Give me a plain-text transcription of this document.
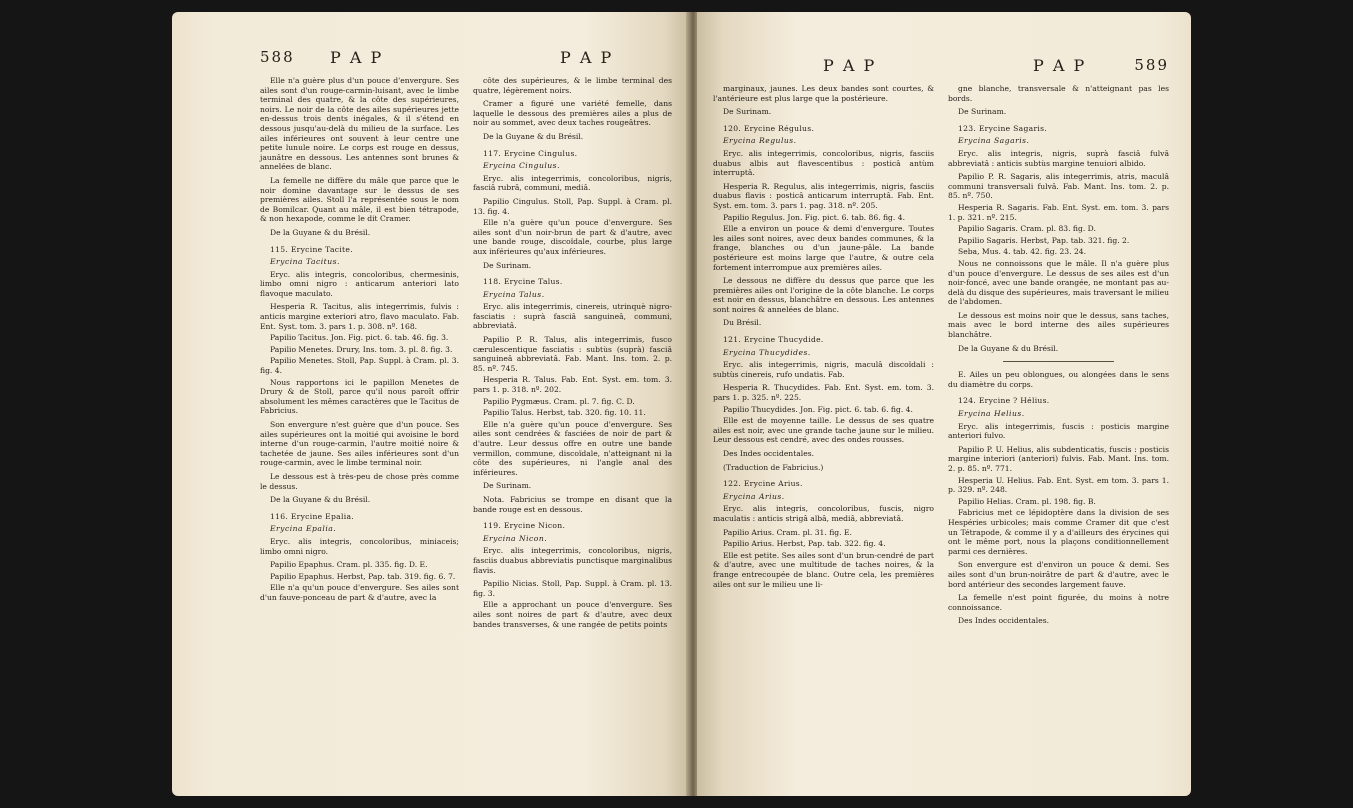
588 P A P	P A P

Elle n'a guère plus d'un pouce d'envergure. Ses ailes sont d'un rouge-carmin-luisant, avec le limbe terminal des quatre, & la côte des supérieures, noirs. Le noir de la côte des ailes supérieures jette en-dessus trois dents inégales, & il s'étend en dessous jusqu'au-delà du milieu de la surface. Les ailes inférieures ont souvent à leur centre une petite lunule noire. Le corps est rouge en dessus, jaunâtre en dessous. Les antennes sont brunes & annelées de blanc.

La femelle ne diffère du mâle que parce que le noir domine davantage sur le dessus de ses premières ailes. Stoll l'a représentée sous le nom de Bomilcar. Quant au mâle, il est bien tétrapode, & non hexapode, comme le dit Cramer.

De la Guyane & du Brésil.

115. Erycine Tacite.

Erycina Tacitus.

Eryc. alis integris, concoloribus, chermesinis, limbo omni nigro : anticarum anteriori lato flavoque maculato.

Hesperia R. Tacitus, alis integerrimis, fulvis : anticis margine exteriori atro, flavo maculato. Fab. Ent. Syst. tom. 3. pars 1. p. 308. nº. 168.

Papilio Tacitus. Jon. Fig. pict. 6. tab. 46. fig. 3.

Papilio Menetes. Drury, Ins. tom. 3. pl. 8. fig. 3.

Papilio Menetes. Stoll, Pap. Suppl. à Cram. pl. 3. fig. 4.

Nous rapportons ici le papillon Menetes de Drury & de Stoll, parce qu'il nous paroît offrir absolument les mêmes caractères que le Tacitus de Fabricius.

Son envergure n'est guère que d'un pouce. Ses ailes supérieures ont la moitié qui avoisine le bord interne d'un rouge-carmin, l'autre moitié noire & tachetée de jaune. Ses ailes inférieures sont d'un rouge-carmin, avec le limbe terminal noir.

Le dessous est à très-peu de chose près comme le dessus.

De la Guyane & du Brésil.

116. Erycine Epalia.

Erycina Epalia.

Eryc. alis integris, concoloribus, miniaceis; limbo omni nigro.

Papilio Epaphus. Cram. pl. 335. fig. D. E.

Papilio Epaphus. Herbst, Pap. tab. 319. fig. 6. 7.

Elle n'a qu'un pouce d'envergure. Ses ailes sont d'un fauve-ponceau de part & d'autre, avec la

côte des supérieures, & le limbe terminal des quatre, légèrement noirs.

Cramer a figuré une variété femelle, dans laquelle le dessous des premières ailes a plus de noir au sommet, avec deux taches rougeâtres.

De la Guyane & du Brésil.

117. Erycine Cingulus.

Erycina Cingulus.

Eryc. alis integerrimis, concoloribus, nigris, fasciâ rubrâ, communi, mediâ.

Papilio Cingulus. Stoll, Pap. Suppl. à Cram. pl. 13. fig. 4.

Elle n'a guère qu'un pouce d'envergure. Ses ailes sont d'un noir-brun de part & d'autre, avec une bande rouge, discoïdale, courbe, plus large aux inférieures qu'aux inférieures.

De Surinam.

118. Erycine Talus.

Erycina Talus.

Eryc. alis integerrimis, cinereis, utrinquè nigro-fasciatis : suprà fasciâ sanguineâ, communi, abbreviatâ.

Papilio P. R. Talus, alis integerrimis, fusco cærulescentique fasciatis : subtùs (suprà) fasciâ sanguineâ abbreviatâ. Fab. Mant. Ins. tom. 2. p. 85. nº. 745.

Hesperia R. Talus. Fab. Ent. Syst. em. tom. 3. pars 1. p. 318. nº. 202.

Papilio Pygmæus. Cram. pl. 7. fig. C. D.

Papilio Talus. Herbst, tab. 320. fig. 10. 11.

Elle n'a guère qu'un pouce d'envergure. Ses ailes sont cendrées & fasciées de noir de part & d'autre. Leur dessus offre en outre une bande vermillon, commune, discoïdale, n'atteignant ni la côte des supérieures, ni l'angle anal des inférieures.

De Surinam.

Nota. Fabricius se trompe en disant que la bande rouge est en dessous.

119. Erycine Nicon.

Erycina Nicon.

Eryc. alis integerrimis, concoloribus, nigris, fasciis duabus abbreviatis punctisque marginalibus flavis.

Papilio Nicias. Stoll, Pap. Suppl. à Cram. pl. 13. fig. 3.

Elle a approchant un pouce d'envergure. Ses ailes sont noires de part & d'autre, avec deux bandes transverses, & une rangée de petits points

P A P	P A P	589

marginaux, jaunes. Les deux bandes sont courtes, & l'antérieure est plus large que la postérieure.

De Surinam.

120. Erycine Régulus.

Erycina Regulus.

Eryc. alis integerrimis, concoloribus, nigris, fasciis duabus albis aut flavescentibus : posticâ antùm interruptâ.

Hesperia R. Regulus, alis integerrimis, nigris, fasciis duabus flavis : posticâ anticarum interruptâ. Fab. Ent. Syst. em. tom. 3. pars 1. pag. 318. nº. 205.

Papilio Regulus. Jon. Fig. pict. 6. tab. 86. fig. 4.

Elle a environ un pouce & demi d'envergure. Toutes les ailes sont noires, avec deux bandes communes, & la frange, blanches ou d'un jaune-pâle. La bande postérieure est moins large que l'autre, & outre cela fortement interrompue aux premières ailes.

Le dessous ne diffère du dessus que parce que les premières ailes ont l'origine de la côte blanche. Le corps est noir en dessus, blanchâtre en dessous. Les antennes sont noires & annelées de blanc.

Du Brésil.

121. Erycine Thucydide.

Erycina Thucydides.

Eryc. alis integerrimis, nigris, maculâ discoïdali : subtùs cinereis, rufo undatis. Fab.

Hesperia R. Thucydides. Fab. Ent. Syst. em. tom. 3. pars 1. p. 325. nº. 225.

Papilio Thucydides. Jon. Fig. pict. 6. tab. 6. fig. 4.

Elle est de moyenne taille. Le dessus de ses quatre ailes est noir, avec une grande tache jaune sur le milieu. Leur dessous est cendré, avec des ondes rousses.

Des Indes occidentales.

(Traduction de Fabricius.)

122. Erycine Arius.

Erycina Arius.

Eryc. alis integris, concoloribus, fuscis, nigro maculatis : anticis strigâ albâ, mediâ, abbreviatâ.

Papilio Arius. Cram. pl. 31. fig. E.

Papilio Arius. Herbst, Pap. tab. 322. fig. 4.

Elle est petite. Ses ailes sont d'un brun-cendré de part & d'autre, avec une multitude de taches noires, & la frange entrecoupée de blanc. Outre cela, les premières ailes ont sur le milieu une li-

gne blanche, transversale & n'atteignant pas les bords.

De Surinam.

123. Erycine Sagaris.

Erycina Sagaris.

Eryc. alis integris, nigris, suprà fasciâ fulvâ abbreviatâ : anticis subtùs margine tenuiori albido.

Papilio P. R. Sagaris, alis integerrimis, atris, maculâ communi transversali fulvâ. Fab. Mant. Ins. tom. 2. p. 85. nº. 750.

Hesperia R. Sagaris. Fab. Ent. Syst. em. tom. 3. pars 1. p. 321. nº. 215.

Papilio Sagaris. Cram. pl. 83. fig. D.

Papilio Sagaris. Herbst, Pap. tab. 321. fig. 2.

Seba, Mus. 4. tab. 42. fig. 23. 24.

Nous ne connoissons que le mâle. Il n'a guère plus d'un pouce d'envergure. Le dessus de ses ailes est d'un noir-foncé, avec une bande orangée, ne montant pas au-delà du disque des supérieures, mais traversant le milieu de l'abdomen.

Le dessous est moins noir que le dessus, sans taches, mais avec le bord interne des ailes supérieures blanchâtre.

De la Guyane & du Brésil.

E. Ailes un peu oblongues, ou alongées dans le sens du diamètre du corps.

124. Erycine ? Hélius.

Erycina Helius.

Eryc. alis integerrimis, fuscis : posticis margine anteriori fulvo.

Papilio P. U. Helius, alis subdenticatis, fuscis : posticis margine interiori (anteriori) fulvis. Fab. Mant. Ins. tom. 2. p. 85. nº. 771.

Hesperia U. Helius. Fab. Ent. Syst. em tom. 3. pars 1. p. 329. nº. 248.

Papilio Helias. Cram. pl. 198. fig. B.

Fabricius met ce lépidoptère dans la division de ses Hespéries urbicoles; mais comme Cramer dit que c'est un Tétrapode, & comme il y a d'ailleurs des érycines qui ont le même port, nous la plaçons conditionnellement parmi ces dernières.

Son envergure est d'environ un pouce & demi. Ses ailes sont d'un brun-noirâtre de part & d'autre, avec le bord antérieur des secondes largement fauve.

La femelle n'est point figurée, du moins à notre connoissance.

Des Indes occidentales.
